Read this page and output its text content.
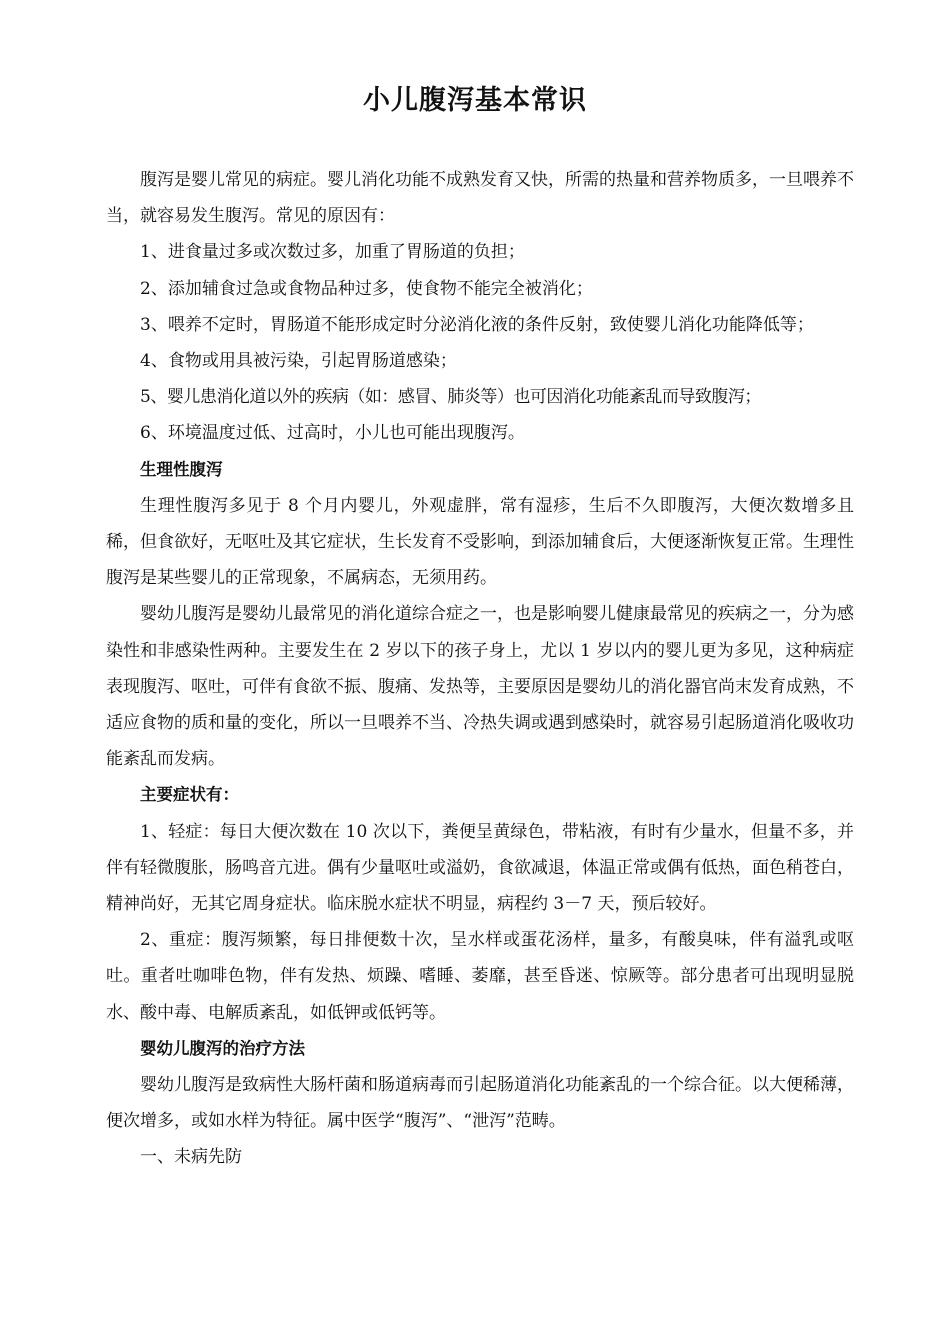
小儿腹泻基本常识

腹泻是婴儿常见的病症。婴儿消化功能不成熟发育又快，所需的热量和营养物质多，一旦喂养不当，就容易发生腹泻。常见的原因有：

1、进食量过多或次数过多，加重了胃肠道的负担；

2、添加辅食过急或食物品种过多，使食物不能完全被消化；

3、喂养不定时，胃肠道不能形成定时分泌消化液的条件反射，致使婴儿消化功能降低等；

4、食物或用具被污染，引起胃肠道感染；

5、婴儿患消化道以外的疾病（如：感冒、肺炎等）也可因消化功能紊乱而导致腹泻；

6、环境温度过低、过高时，小儿也可能出现腹泻。

生理性腹泻

生理性腹泻多见于 8 个月内婴儿，外观虚胖，常有湿疹，生后不久即腹泻，大便次数增多且稀，但食欲好，无呕吐及其它症状，生长发育不受影响，到添加辅食后，大便逐渐恢复正常。生理性腹泻是某些婴儿的正常现象，不属病态，无须用药。

婴幼儿腹泻是婴幼儿最常见的消化道综合症之一，也是影响婴儿健康最常见的疾病之一，分为感染性和非感染性两种。主要发生在 2 岁以下的孩子身上，尤以 1 岁以内的婴儿更为多见，这种病症表现腹泻、呕吐，可伴有食欲不振、腹痛、发热等，主要原因是婴幼儿的消化器官尚末发育成熟，不适应食物的质和量的变化，所以一旦喂养不当、冷热失调或遇到感染时，就容易引起肠道消化吸收功能紊乱而发病。

主要症状有：

1、轻症：每日大便次数在 10 次以下，粪便呈黄绿色，带粘液，有时有少量水，但量不多，并伴有轻微腹胀，肠鸣音亢进。偶有少量呕吐或溢奶，食欲减退，体温正常或偶有低热，面色稍苍白，精神尚好，无其它周身症状。临床脱水症状不明显，病程约 3－7 天，预后较好。

2、重症：腹泻频繁，每日排便数十次，呈水样或蛋花汤样，量多，有酸臭味，伴有溢乳或呕吐。重者吐咖啡色物，伴有发热、烦躁、嗜睡、萎靡，甚至昏迷、惊厥等。部分患者可出现明显脱水、酸中毒、电解质紊乱，如低钾或低钙等。

婴幼儿腹泻的治疗方法

婴幼儿腹泻是致病性大肠杆菌和肠道病毒而引起肠道消化功能紊乱的一个综合征。以大便稀薄，便次增多，或如水样为特征。属中医学“腹泻”、“泄泻”范畴。

一、未病先防
